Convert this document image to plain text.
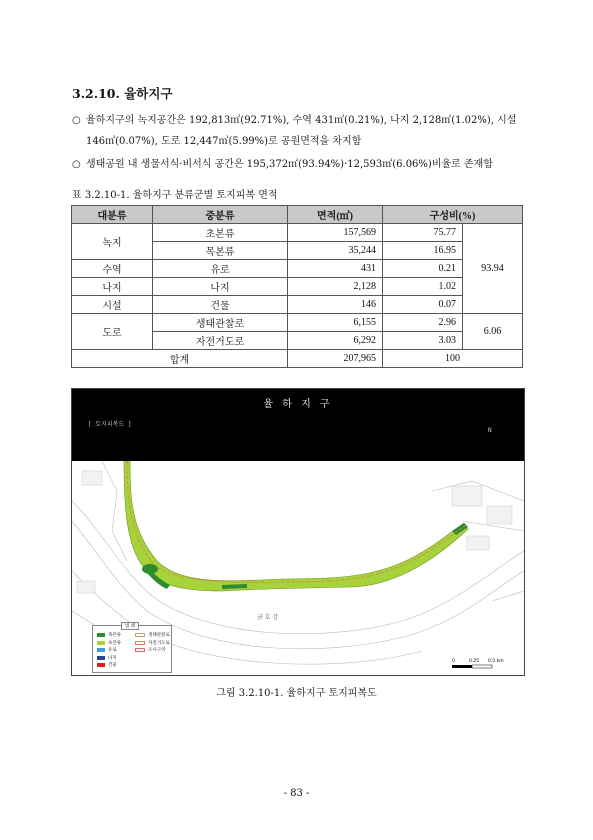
3.2.10. 율하지구
○ 율하지구의 녹지공간은 192,813㎡(92.71%), 수역 431㎡(0.21%), 나지 2,128㎡(1.02%), 시설
146㎡(0.07%), 도로 12,447㎡(5.99%)로 공원면적을 차지함
○ 생태공원 내 생물서식·비서식 공간은 195,372㎡(93.94%)·12,593㎡(6.06%)비율로 존재함
표 3.2.10-1. 율하지구 분류군별 토지피복 면적
대분류	중분류	면적(㎡)	구성비(%)	
녹지	초본류	157,569	75.77	93.94
	목본류	35,244	16.95	
수역	유로	431	0.21	
나지	나지	2,128	1.02	
시설	건물	146	0.07	
도로	생태관찰로	6,155	2.96	6.06
	자전거도로	6,292	3.03	
합계		207,965	100	
율 하 지 구
[ 토지피복도 ]
N
금 호 강
0	0.25 0.5 km
범 례
목본류
초본류
유로
나지
건물
생태관찰로
자전거도로
조사구역
그림 3.2.10-1. 율하지구 토지피복도
- 83 -
